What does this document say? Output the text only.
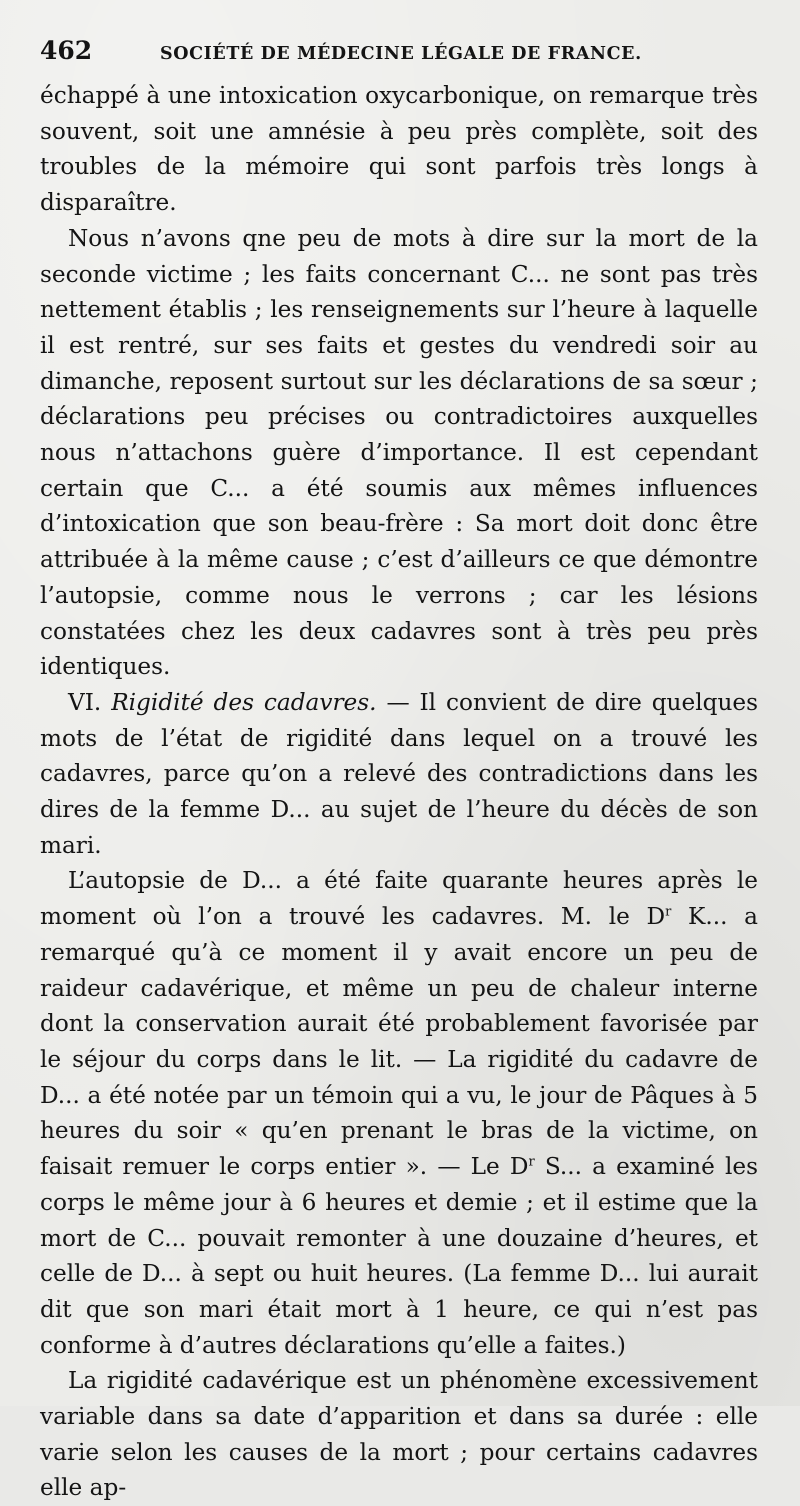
462	SOCIÉTÉ DE MÉDECINE LÉGALE DE FRANCE.

échappé à une intoxication oxycarbonique, on remarque très souvent, soit une amnésie à peu près complète, soit des troubles de la mémoire qui sont parfois très longs à disparaître.

Nous n’avons qne peu de mots à dire sur la mort de la seconde victime ; les faits concernant C... ne sont pas très nettement établis ; les renseignements sur l’heure à laquelle il est rentré, sur ses faits et gestes du vendredi soir au dimanche, reposent surtout sur les déclarations de sa sœur ; déclarations peu précises ou contradictoires auxquelles nous n’attachons guère d’importance. Il est cependant certain que C... a été soumis aux mêmes influences d’intoxication que son beau-frère : Sa mort doit donc être attribuée à la même cause ; c’est d’ailleurs ce que démontre l’autopsie, comme nous le verrons ; car les lésions constatées chez les deux cadavres sont à très peu près identiques.

VI. Rigidité des cadavres. — Il convient de dire quelques mots de l’état de rigidité dans lequel on a trouvé les cadavres, parce qu’on a relevé des contradictions dans les dires de la femme D... au sujet de l’heure du décès de son mari.

L’autopsie de D... a été faite quarante heures après le moment où l’on a trouvé les cadavres. M. le $D^r$ K... a remarqué qu’à ce moment il y avait encore un peu de raideur cadavérique, et même un peu de chaleur interne dont la conservation aurait été probablement favorisée par le séjour du corps dans le lit. — La rigidité du cadavre de D... a été notée par un témoin qui a vu, le jour de Pâques à 5 heures du soir « qu’en prenant le bras de la victime, on faisait remuer le corps entier ». — Le $D^r$ S... a examiné les corps le même jour à 6 heures et demie ; et il estime que la mort de C... pouvait remonter à une douzaine d’heures, et celle de D... à sept ou huit heures. (La femme D... lui aurait dit que son mari était mort à 1 heure, ce qui n’est pas conforme à d’autres déclarations qu’elle a faites.)

La rigidité cadavérique est un phénomène excessivement variable dans sa date d’apparition et dans sa durée : elle varie selon les causes de la mort ; pour certains cadavres elle ap-
